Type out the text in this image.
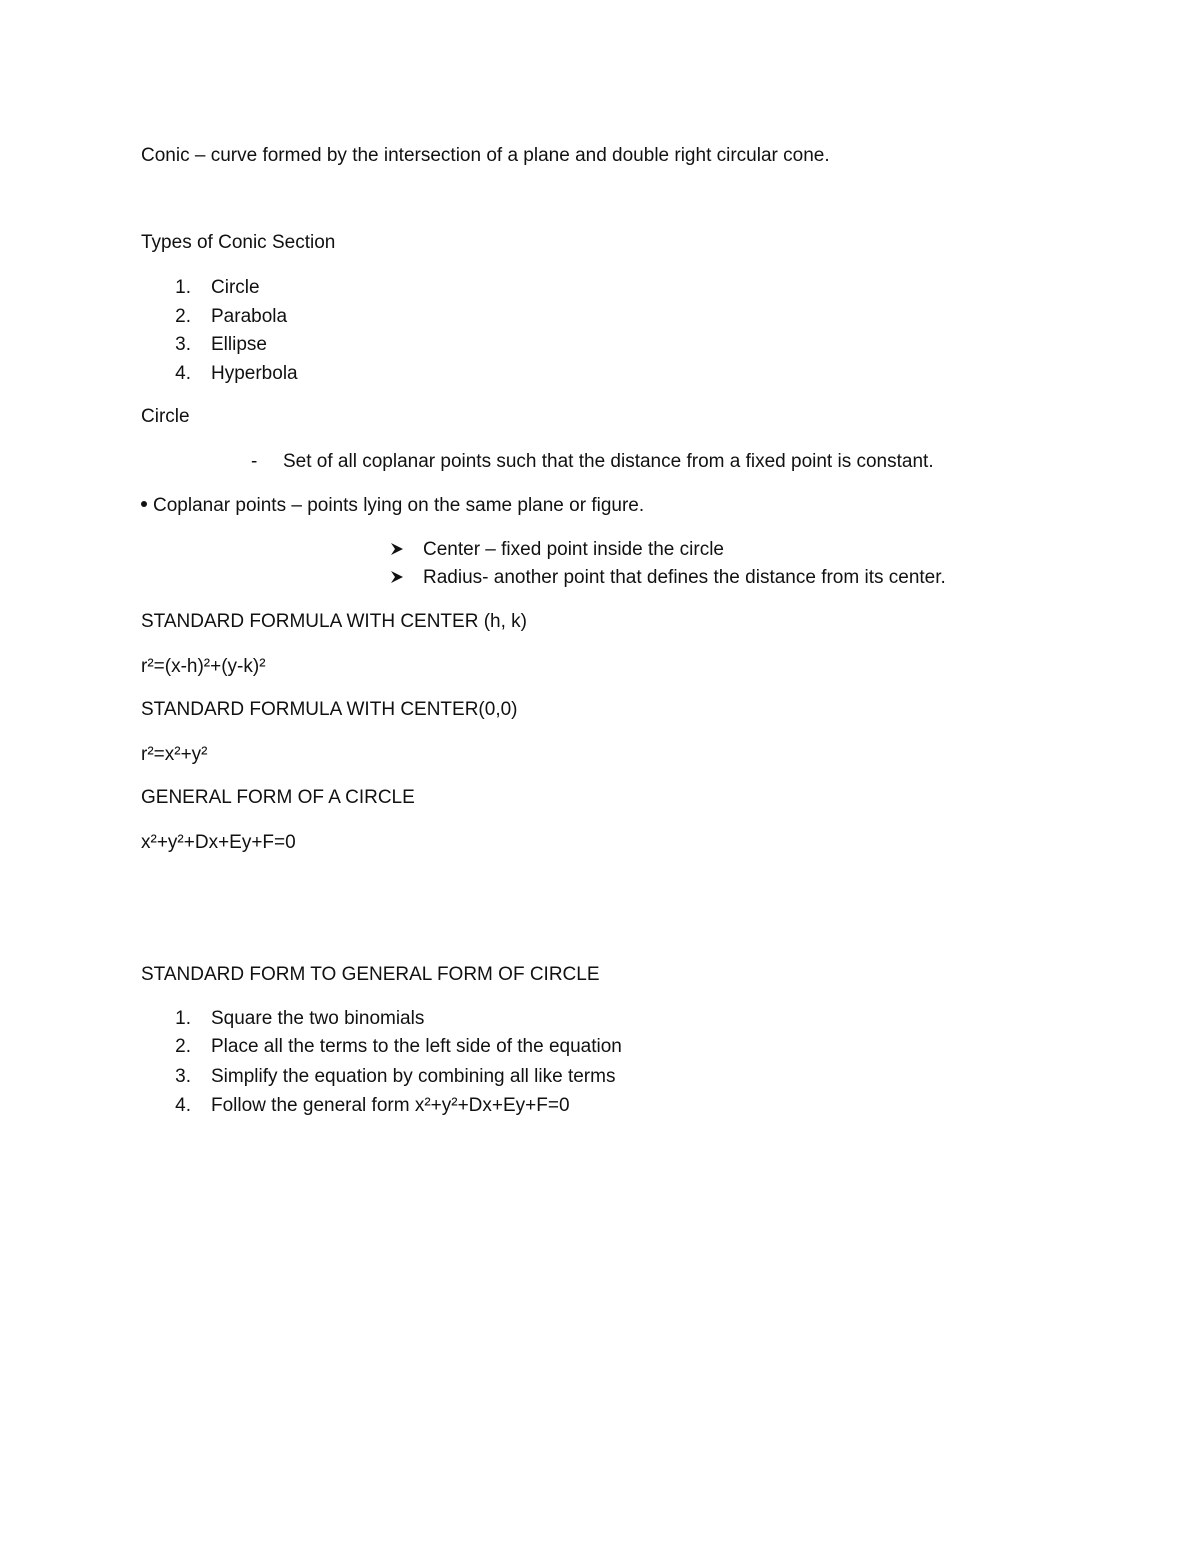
Conic – curve formed by the intersection of a plane and double right circular cone.
Types of Conic Section
1. Circle
2. Parabola
3. Ellipse
4. Hyperbola
Circle
- Set of all coplanar points such that the distance from a fixed point is constant.
Coplanar points – points lying on the same plane or figure.
Center – fixed point inside the circle
Radius- another point that defines the distance from its center.
STANDARD FORMULA WITH CENTER (h, k)
r²=(x-h)²+(y-k)²
STANDARD FORMULA WITH CENTER(0,0)
r²=x²+y²
GENERAL FORM OF A CIRCLE
x²+y²+Dx+Ey+F=0
STANDARD FORM TO GENERAL FORM OF CIRCLE
1. Square the two binomials
2. Place all the terms to the left side of the equation
3. Simplify the equation by combining all like terms
4. Follow the general form x²+y²+Dx+Ey+F=0
